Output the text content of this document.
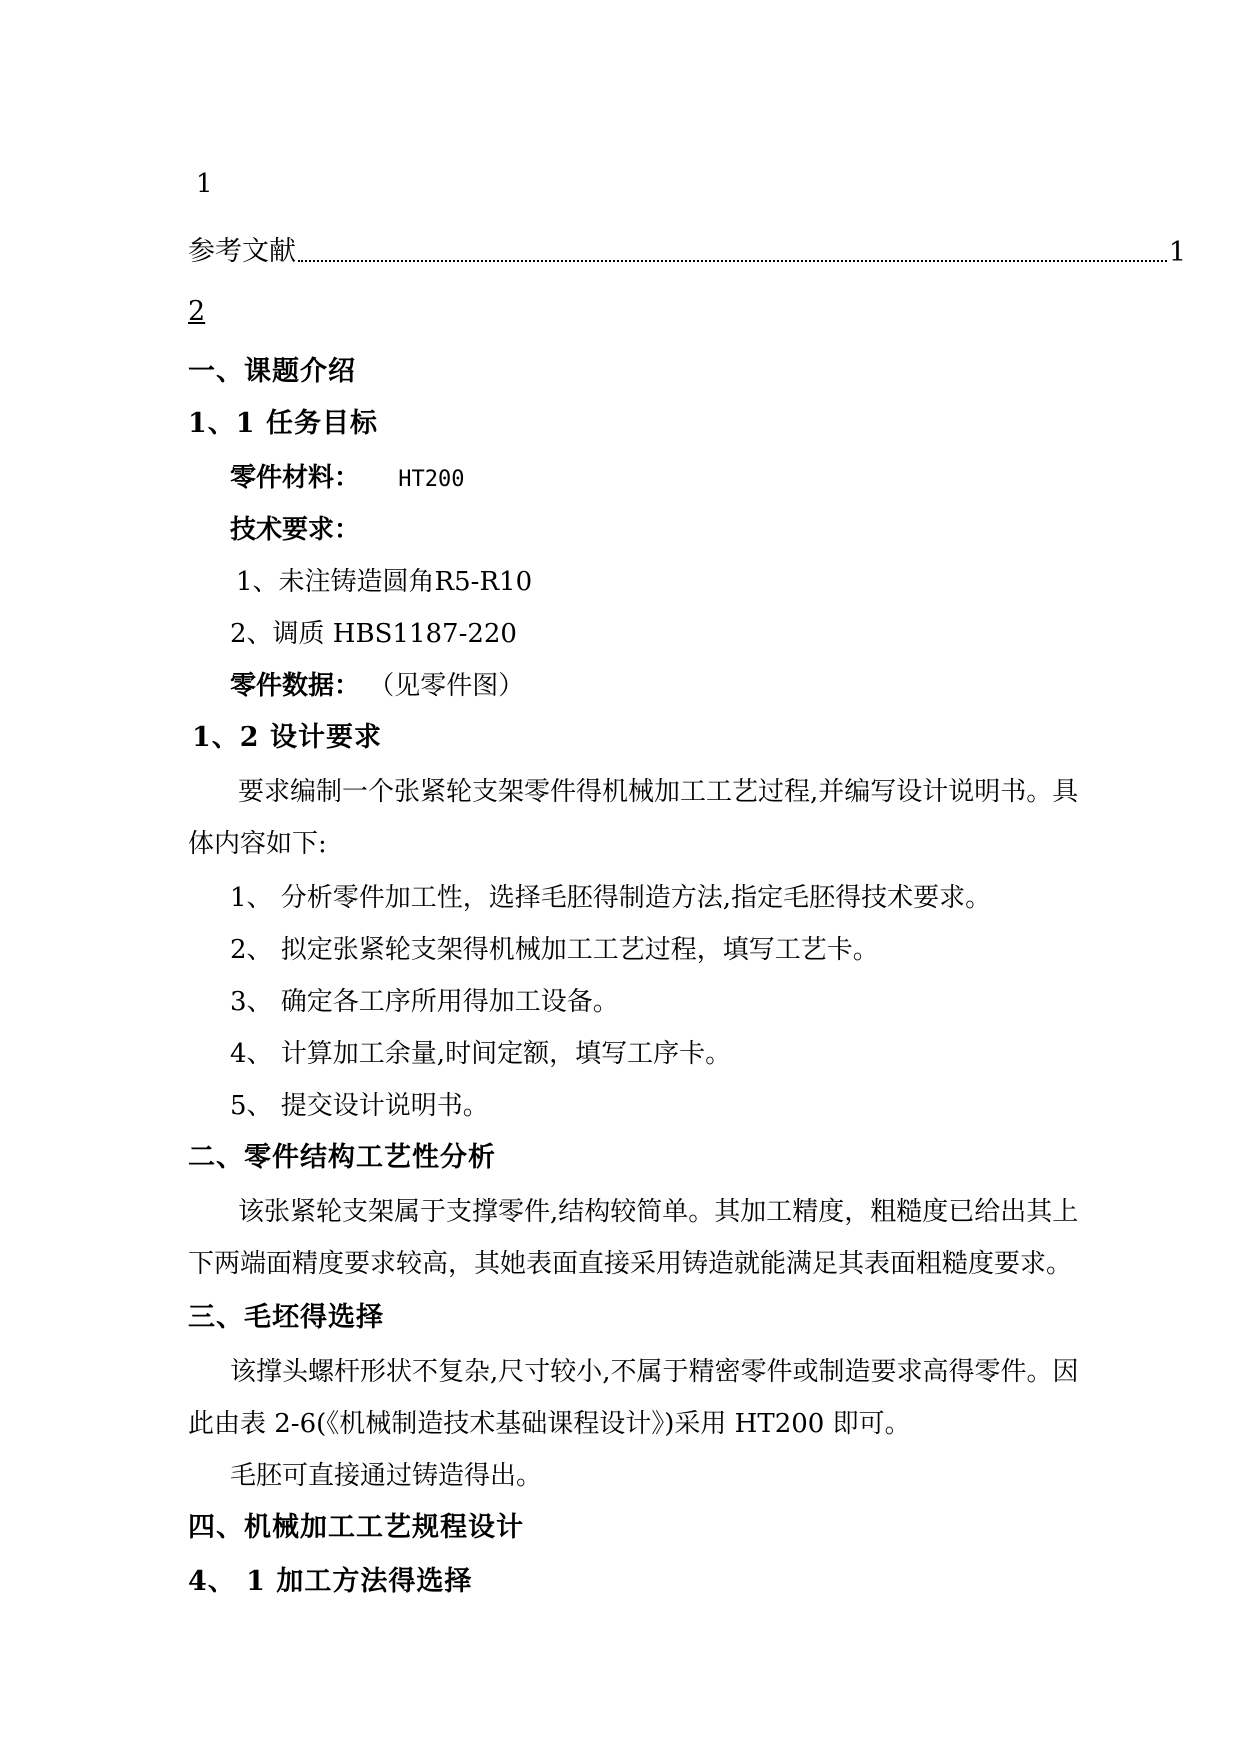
1
参考文献	1
2
一、课题介绍
1、1 任务目标
零件材料： HT200
技术要求：
1、未注铸造圆角R5-R10
2、调质 HBS1187-220
零件数据： （见零件图）
1、2 设计要求
要求编制一个张紧轮支架零件得机械加工工艺过程,并编写设计说明书。具
体内容如下:
1、 分析零件加工性，选择毛胚得制造方法,指定毛胚得技术要求。
2、 拟定张紧轮支架得机械加工工艺过程，填写工艺卡。
3、 确定各工序所用得加工设备。
4、 计算加工余量,时间定额，填写工序卡。
5、 提交设计说明书。
二、零件结构工艺性分析
该张紧轮支架属于支撑零件,结构较简单。其加工精度，粗糙度已给出其上
下两端面精度要求较高，其她表面直接采用铸造就能满足其表面粗糙度要求。
三、毛坯得选择
该撑头螺杆形状不复杂,尺寸较小,不属于精密零件或制造要求高得零件。因
此由表 2-6(《机械制造技术基础课程设计》)采用 HT200 即可。
毛胚可直接通过铸造得出。
四、机械加工工艺规程设计
4、 1 加工方法得选择
